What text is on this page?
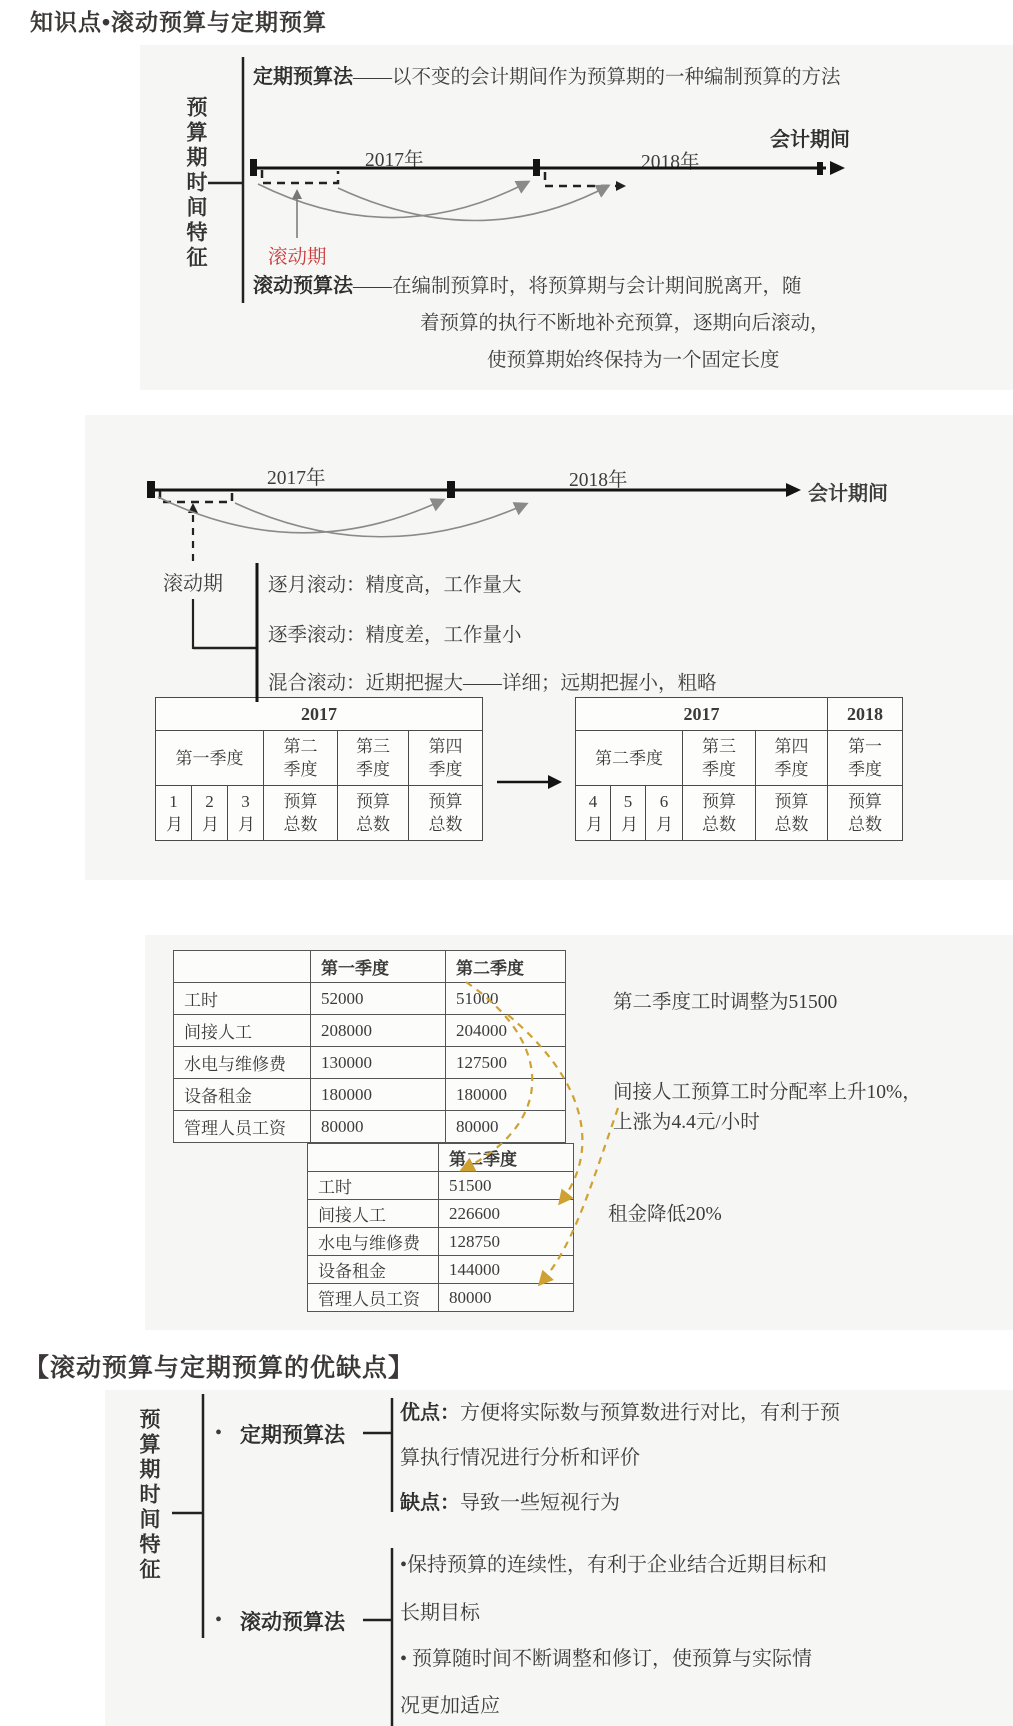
知识点•滚动预算与定期预算
【滚动预算与定期预算的优缺点】
预算期时间特征
定期预算法——以不变的会计期间作为预算期的一种编制预算的方法
2017年	2018年
会计期间
滚动期
滚动预算法——在编制预算时，将预算期与会计期间脱离开，随
着预算的执行不断地补充预算，逐期向后滚动，
使预算期始终保持为一个固定长度
2017年	2018年
会计期间
滚动期 逐月滚动：精度高，工作量大
逐季滚动：精度差，工作量小
混合滚动：近期把握大——详细；远期把握小，粗略
2017					
第一季度			第二季度	第三季度	第四季度
1月	2月	3月	预算总数	预算总数	预算总数
2017					2018
第二季度			第三季度	第四季度	第一季度
4月	5月	6月	预算总数	预算总数	预算总数
	第一季度	第二季度
工时	52000	51000
间接人工	208000	204000
水电与维修费	130000	127500
设备租金	180000	180000
管理人员工资	80000	80000
	第二季度
工时	51500
间接人工	226600
水电与维修费	128750
设备租金	144000
管理人员工资	80000
第二季度工时调整为51500
间接人工预算工时分配率上升10%，
上涨为4.4元/小时
租金降低20%
预算期时间特征	• 定期预算法
优点：方便将实际数与预算数进行对比，有利于预
算执行情况进行分析和评价
缺点：导致一些短视行为
• 滚动预算法
•保持预算的连续性，有利于企业结合近期目标和
长期目标
• 预算随时间不断调整和修订，使预算与实际情
况更加适应
